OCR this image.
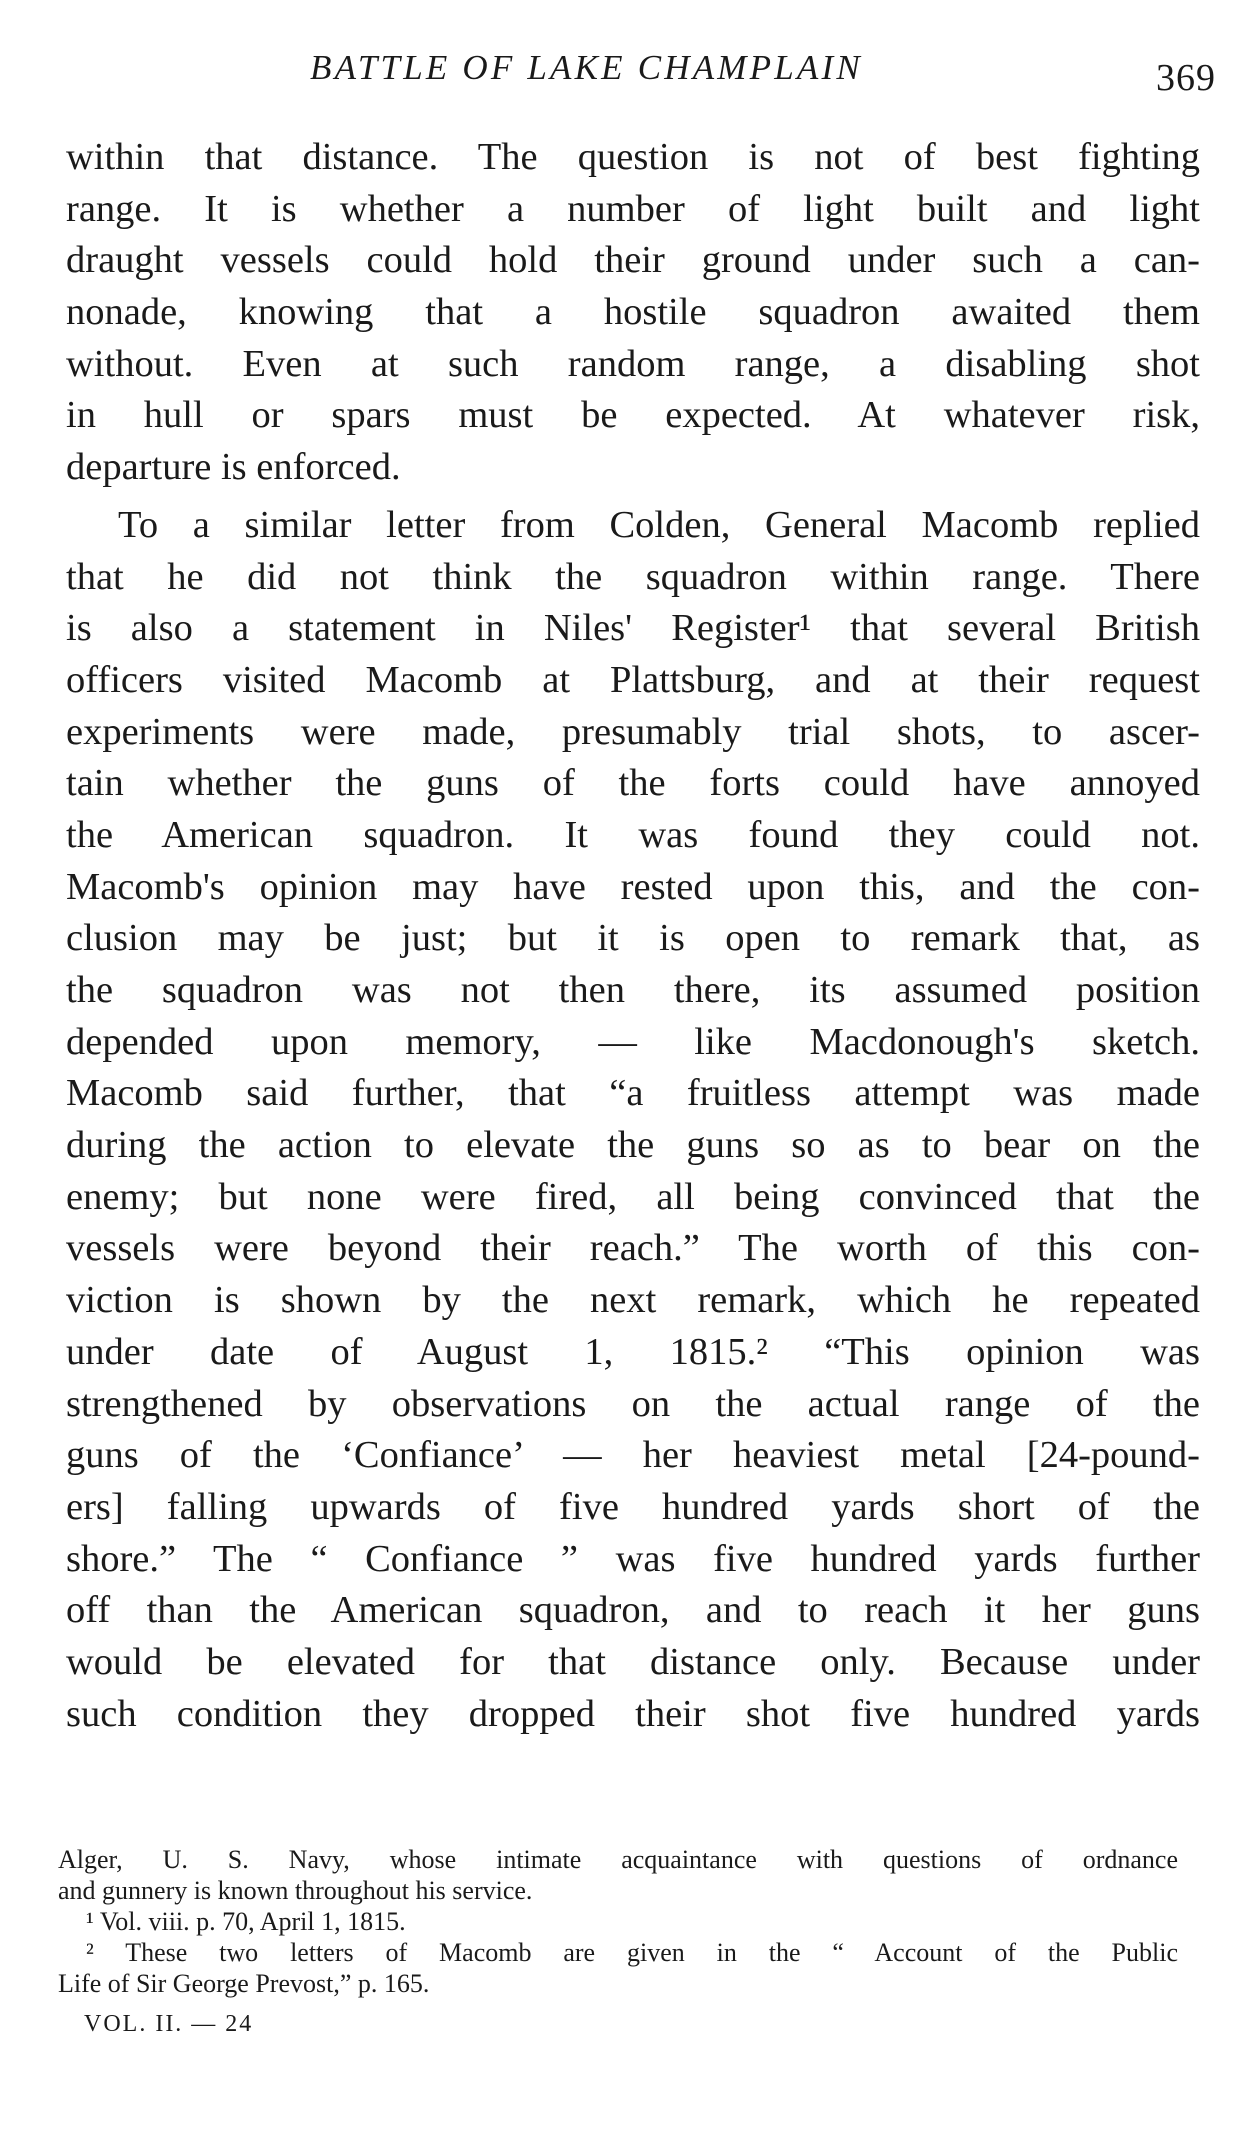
BATTLE OF LAKE CHAMPLAIN	369
within that distance. The question is not of best fighting
range. It is whether a number of light built and light
draught vessels could hold their ground under such a can-
nonade, knowing that a hostile squadron awaited them
without. Even at such random range, a disabling shot
in hull or spars must be expected. At whatever risk,
departure is enforced.
To a similar letter from Colden, General Macomb replied
that he did not think the squadron within range. There
is also a statement in Niles' Register¹ that several British
officers visited Macomb at Plattsburg, and at their request
experiments were made, presumably trial shots, to ascer-
tain whether the guns of the forts could have annoyed
the American squadron. It was found they could not.
Macomb's opinion may have rested upon this, and the con-
clusion may be just; but it is open to remark that, as
the squadron was not then there, its assumed position
depended upon memory, — like Macdonough's sketch.
Macomb said further, that “a fruitless attempt was made
during the action to elevate the guns so as to bear on the
enemy; but none were fired, all being convinced that the
vessels were beyond their reach.” The worth of this con-
viction is shown by the next remark, which he repeated
under date of August 1, 1815.² “This opinion was
strengthened by observations on the actual range of the
guns of the ‘Confiance’ — her heaviest metal [24-pound-
ers] falling upwards of five hundred yards short of the
shore.” The “ Confiance ” was five hundred yards further
off than the American squadron, and to reach it her guns
would be elevated for that distance only. Because under
such condition they dropped their shot five hundred yards
Alger, U. S. Navy, whose intimate acquaintance with questions of ordnance
and gunnery is known throughout his service.
¹ Vol. viii. p. 70, April 1, 1815.
² These two letters of Macomb are given in the “ Account of the Public
Life of Sir George Prevost,” p. 165.
VOL. II. — 24
